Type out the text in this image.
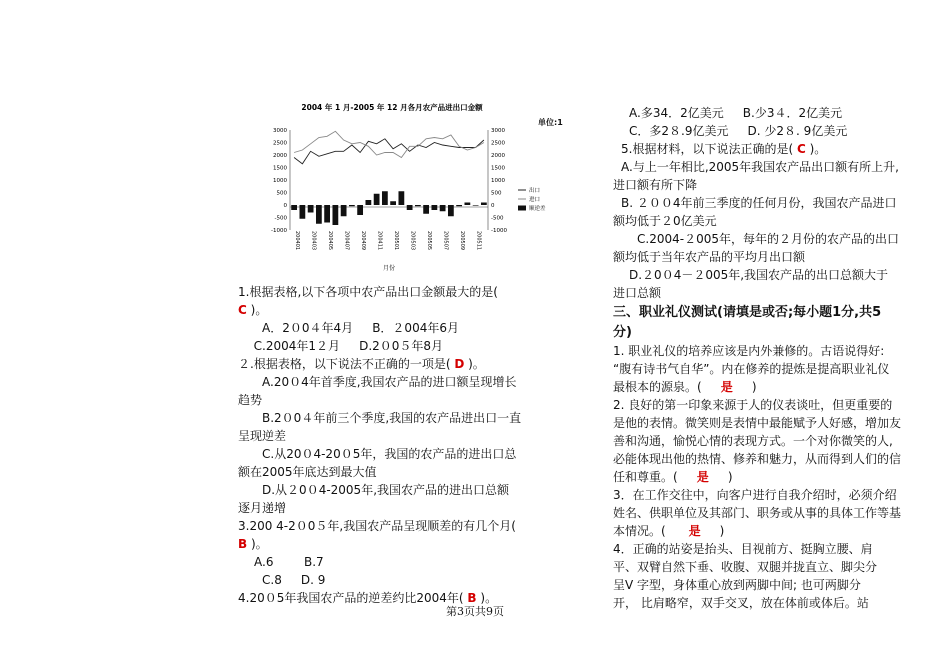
2004 年 1 月-2005 年 12 月各月农产品进出口金额
3000
2500
2000
1500
1000
500
0
-500
-1000
3000
2500
2000
1500
1000
500
0
-500
-1000
200401 200403 200405 200407 200409 200411 200501 200503 200505 200507 200509 200511
月份
出口
进口
顺逆差
单位:1
1.根据表格,以下各项中农产品出口金额最大的是(
C )。
A．2０0４年4月 B．２004年6月
C.2004年1２月 D.2０0５年8月
２.根据表格，以下说法不正确的一项是( D )。
A.20０4年首季度,我国农产品的进口额呈现增长
趋势
B.2０0４年前三个季度,我国的农产品进出口一直
呈现逆差
C.从20０4-20０5年，我国的农产品的进出口总
额在2005年底达到最大值
D.从２0０4-2005年,我国农产品的进出口总额
逐月递增
3.200 4-2０0５年,我国农产品呈现顺差的有几个月(
B )。
A.6	B.7
C.8 D. 9
4.20０5年我国农产品的逆差约比2004年( B )。
A.多34．2亿美元 B.少3４．2亿美元
C．多2８.9亿美元 D. 少2８. 9亿美元
5.根据材料，以下说法正确的是( C )。
A.与上一年相比,2005年我国农产品出口额有所上升,
进口额有所下降
B. ２００4年前三季度的任何月份，我国农产品进口
额均低于２0亿美元
C.2004-２005年，每年的２月份的农产品的出口
额均低于当年农产品的平均月出口额
D.２0０4－２005年,我国农产品的出口总额大于
进口总额
三、职业礼仪测试(请填是或否;每小题1分,共5
分)
1. 职业礼仪的培养应该是内外兼修的。古语说得好:
“腹有诗书气自华”。内在修养的提炼是提高职业礼仪
最根本的源泉。( 是 )
2. 良好的第一印象来源于人的仪表谈吐，但更重要的
是他的表情。微笑则是表情中最能赋予人好感，增加友
善和沟通，愉悦心情的表现方式。一个对你微笑的人,
必能体现出他的热情、修养和魅力，从而得到人们的信
任和尊重。( 是 )
3．在工作交往中，向客户进行自我介绍时，必须介绍
姓名、供职单位及其部门、职务或从事的具体工作等基
本情况。( 是 )
4．正确的站姿是抬头、目视前方、挺胸立腰、肩
平、双臂自然下垂、收腹、双腿并拢直立、脚尖分
呈V 字型，身体重心放到两脚中间; 也可两脚分
开， 比肩略窄，双手交叉，放在体前或体后。站
第3页共9页
